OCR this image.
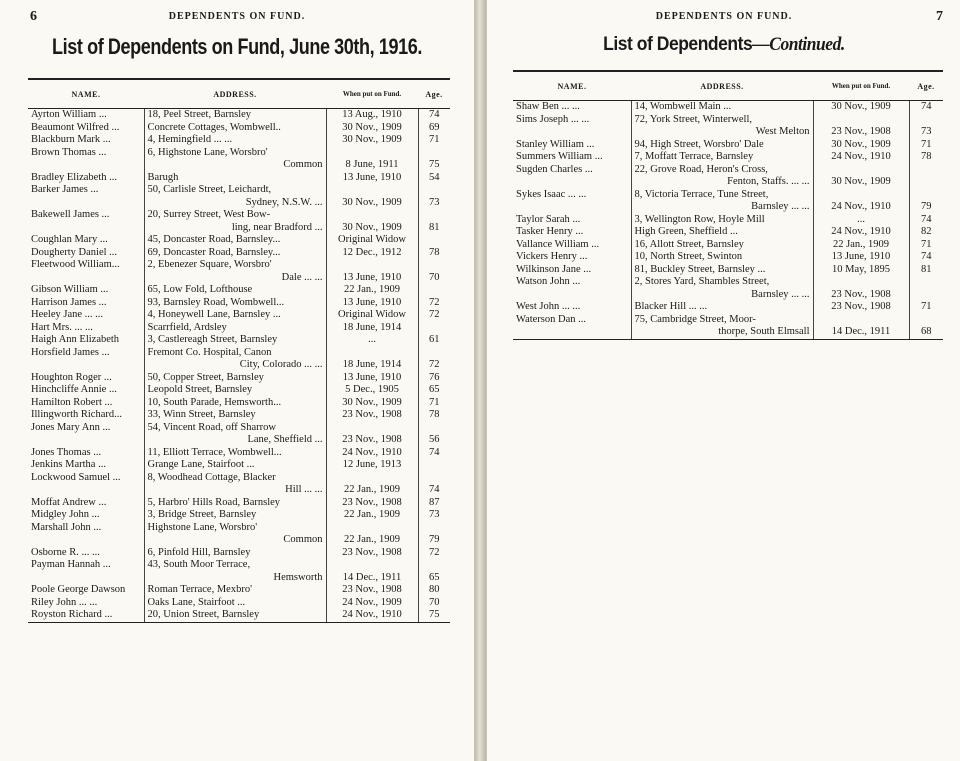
6	DEPENDENTS ON FUND.
List of Dependents on Fund, June 30th, 1916.
NAME.	ADDRESS.	When put on Fund.	Age.
Ayrton William ...	18, Peel Street, Barnsley	13 Aug., 1910	74
Beaumont Wilfred ...	Concrete Cottages, Wombwell..	30 Nov., 1909	69
Blackburn Mark ...	4, Hemingfield ... ...	30 Nov., 1909	71
Brown Thomas ...	6, Highstone Lane, Worsbro'
Common	8 June, 1911	75
Bradley Elizabeth ...	Barugh	13 June, 1910	54
Barker James ...	50, Carlisle Street, Leichardt,
Sydney, N.S.W. ...	30 Nov., 1909	73
Bakewell James ...	20, Surrey Street, West Bow-
ling, near Bradford ...	30 Nov., 1909	81
Coughlan Mary ...	45, Doncaster Road, Barnsley...	Original Widow	
Dougherty Daniel ...	69, Doncaster Road, Barnsley...	12 Dec., 1912	78
Fleetwood William...	2, Ebenezer Square, Worsbro'
Dale ... ...	13 June, 1910	70
Gibson William ...	65, Low Fold, Lofthouse	22 Jan., 1909	
Harrison James ...	93, Barnsley Road, Wombwell...	13 June, 1910	72
Heeley Jane ... ...	4, Honeywell Lane, Barnsley ...	Original Widow	72
Hart Mrs. ... ...	Scarrfield, Ardsley	18 June, 1914	
Haigh Ann Elizabeth	3, Castlereagh Street, Barnsley	...	61
Horsfield James ...	Fremont Co. Hospital, Canon
City, Colorado ... ...	18 June, 1914	72
Houghton Roger ...	50, Copper Street, Barnsley	13 June, 1910	76
Hinchcliffe Annie ...	Leopold Street, Barnsley	5 Dec., 1905	65
Hamilton Robert ...	10, South Parade, Hemsworth...	30 Nov., 1909	71
Illingworth Richard...	33, Winn Street, Barnsley	23 Nov., 1908	78
Jones Mary Ann ...	54, Vincent Road, off Sharrow
Lane, Sheffield ...	23 Nov., 1908	56
Jones Thomas ...	11, Elliott Terrace, Wombwell...	24 Nov., 1910	74
Jenkins Martha ...	Grange Lane, Stairfoot ...	12 June, 1913	
Lockwood Samuel ...	8, Woodhead Cottage, Blacker
Hill ... ...	22 Jan., 1909	74
Moffat Andrew ...	5, Harbro' Hills Road, Barnsley	23 Nov., 1908	87
Midgley John ...	3, Bridge Street, Barnsley	22 Jan., 1909	73
Marshall John ...	Highstone Lane, Worsbro'
Common	22 Jan., 1909	79
Osborne R. ... ...	6, Pinfold Hill, Barnsley	23 Nov., 1908	72
Payman Hannah ...	43, South Moor Terrace,
Hemsworth	14 Dec., 1911	65
Poole George Dawson	Roman Terrace, Mexbro'	23 Nov., 1908	80
Riley John ... ...	Oaks Lane, Stairfoot ...	24 Nov., 1909	70
Royston Richard ...	20, Union Street, Barnsley	24 Nov., 1910	75
DEPENDENTS ON FUND.	7
List of Dependents—Continued.
NAME.	ADDRESS.	When put on Fund.	Age.
Shaw Ben ... ...	14, Wombwell Main ...	30 Nov., 1909	74
Sims Joseph ... ...	72, York Street, Winterwell,
West Melton	23 Nov., 1908	73
Stanley William ...	94, High Street, Worsbro' Dale	30 Nov., 1909	71
Summers William ...	7, Moffatt Terrace, Barnsley	24 Nov., 1910	78
Sugden Charles ...	22, Grove Road, Heron's Cross,
Fenton, Staffs. ... ...	30 Nov., 1909	
Sykes Isaac ... ...	8, Victoria Terrace, Tune Street,
Barnsley ... ...	24 Nov., 1910	79
Taylor Sarah ...	3, Wellington Row, Hoyle Mill	...	74
Tasker Henry ...	High Green, Sheffield ...	24 Nov., 1910	82
Vallance William ...	16, Allott Street, Barnsley	22 Jan., 1909	71
Vickers Henry ...	10, North Street, Swinton	13 June, 1910	74
Wilkinson Jane ...	81, Buckley Street, Barnsley ...	10 May, 1895	81
Watson John ...	2, Stores Yard, Shambles Street,
Barnsley ... ...	23 Nov., 1908	
West John ... ...	Blacker Hill ... ...	23 Nov., 1908	71
Waterson Dan ...	75, Cambridge Street, Moor-
thorpe, South Elmsall	14 Dec., 1911	68
